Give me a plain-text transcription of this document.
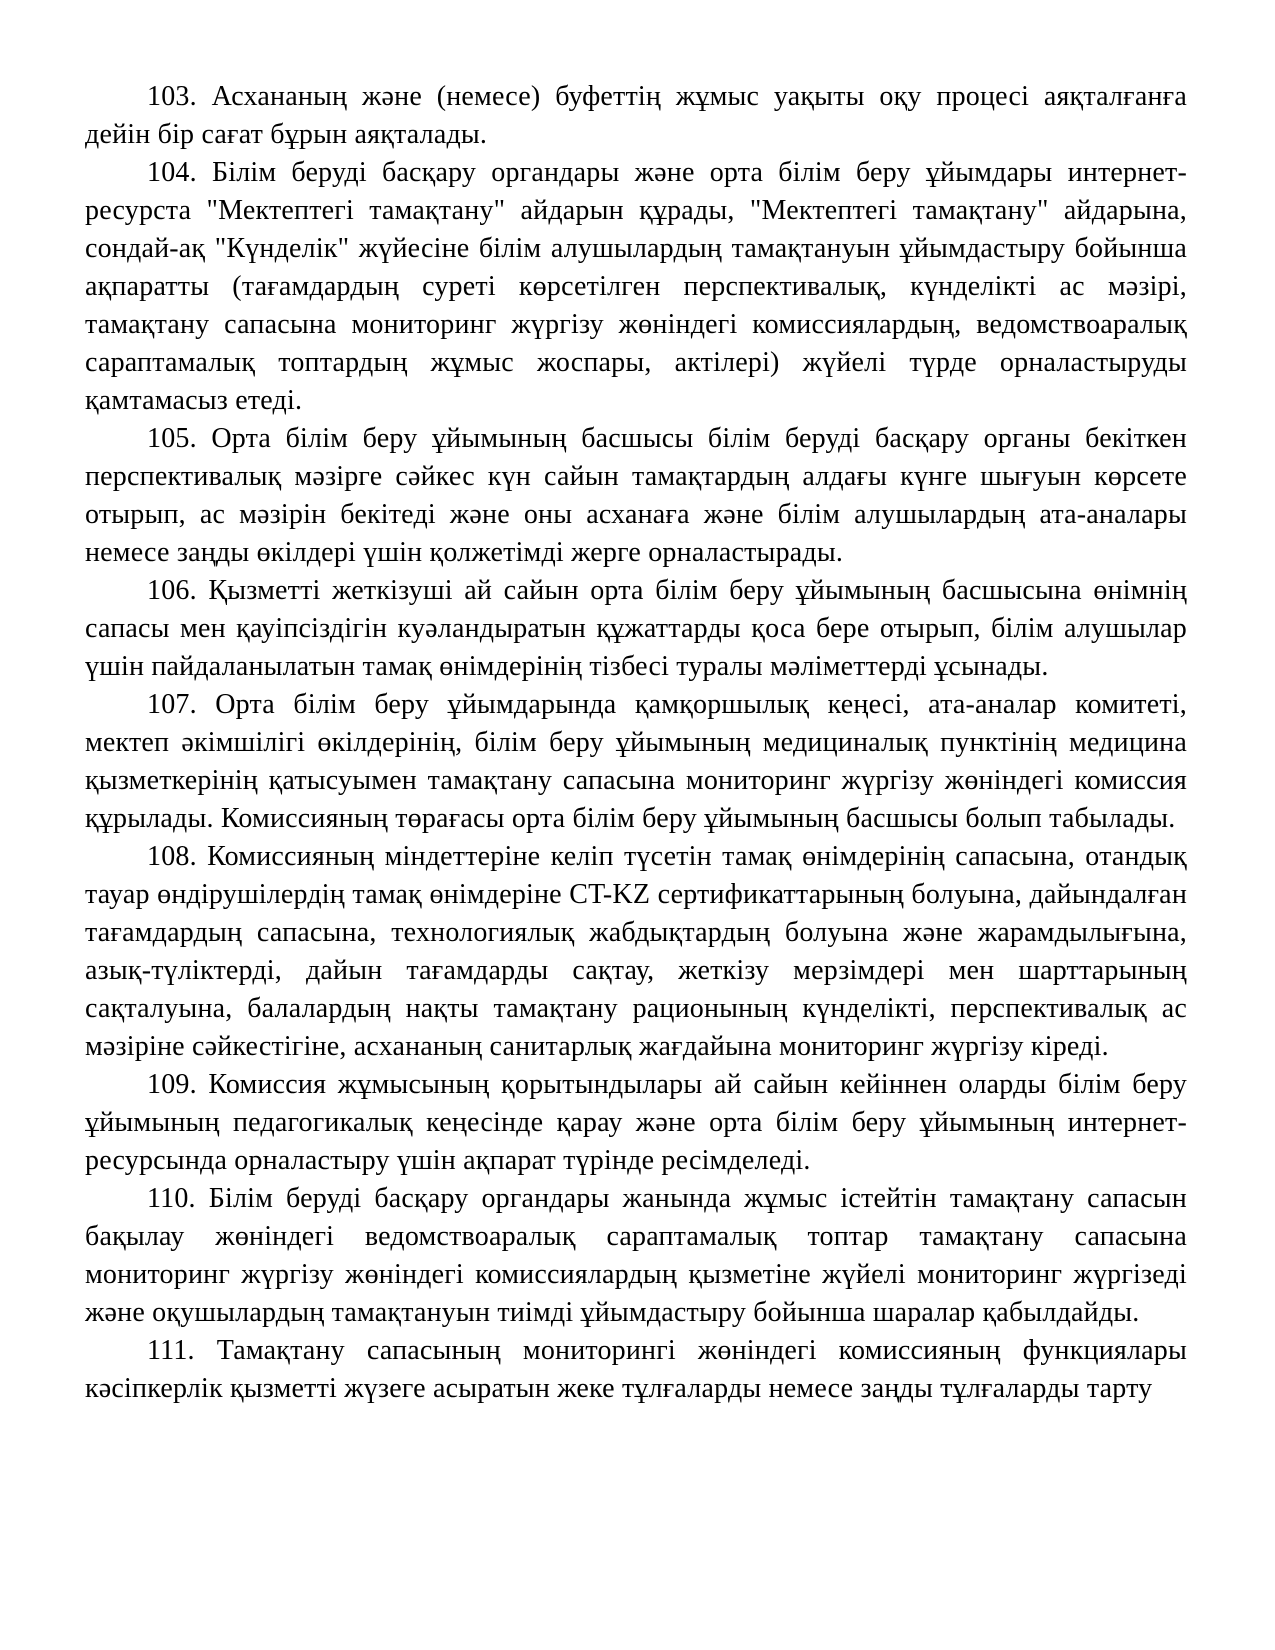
103. Асхананың және (немесе) буфеттің жұмыс уақыты оқу процесі аяқталғанға дейін бір сағат бұрын аяқталады.

104. Білім беруді басқару органдары және орта білім беру ұйымдары интернет-ресурста "Мектептегі тамақтану" айдарын құрады, "Мектептегі тамақтану" айдарына, сондай-ақ "Күнделік" жүйесіне білім алушылардың тамақтануын ұйымдастыру бойынша ақпаратты (тағамдардың суреті көрсетілген перспективалық, күнделікті ас мәзірі, тамақтану сапасына мониторинг жүргізу жөніндегі комиссиялардың, ведомствоаралық сараптамалық топтардың жұмыс жоспары, актілері) жүйелі түрде орналастыруды қамтамасыз етеді.

105. Орта білім беру ұйымының басшысы білім беруді басқару органы бекіткен перспективалық мәзірге сәйкес күн сайын тамақтардың алдағы күнге шығуын көрсете отырып, ас мәзірін бекітеді және оны асханаға және білім алушылардың ата-аналары немесе заңды өкілдері үшін қолжетімді жерге орналастырады.

106. Қызметті жеткізуші ай сайын орта білім беру ұйымының басшысына өнімнің сапасы мен қауіпсіздігін куәландыратын құжаттарды қоса бере отырып, білім алушылар үшін пайдаланылатын тамақ өнімдерінің тізбесі туралы мәліметтерді ұсынады.

107. Орта білім беру ұйымдарында қамқоршылық кеңесі, ата-аналар комитеті, мектеп әкімшілігі өкілдерінің, білім беру ұйымының медициналық пунктінің медицина қызметкерінің қатысуымен тамақтану сапасына мониторинг жүргізу жөніндегі комиссия құрылады. Комиссияның төрағасы орта білім беру ұйымының басшысы болып табылады.

108. Комиссияның міндеттеріне келіп түсетін тамақ өнімдерінің сапасына, отандық тауар өндірушілердің тамақ өнімдеріне CT-KZ сертификаттарының болуына, дайындалған тағамдардың сапасына, технологиялық жабдықтардың болуына және жарамдылығына, азық-түліктерді, дайын тағамдарды сақтау, жеткізу мерзімдері мен шарттарының сақталуына, балалардың нақты тамақтану рационының күнделікті, перспективалық ас мәзіріне сәйкестігіне, асхананың санитарлық жағдайына мониторинг жүргізу кіреді.

109. Комиссия жұмысының қорытындылары ай сайын кейіннен оларды білім беру ұйымының педагогикалық кеңесінде қарау және орта білім беру ұйымының интернет-ресурсында орналастыру үшін ақпарат түрінде ресімделеді.

110. Білім беруді басқару органдары жанында жұмыс істейтін тамақтану сапасын бақылау жөніндегі ведомствоаралық сараптамалық топтар тамақтану сапасына мониторинг жүргізу жөніндегі комиссиялардың қызметіне жүйелі мониторинг жүргізеді және оқушылардың тамақтануын тиімді ұйымдастыру бойынша шаралар қабылдайды.

111. Тамақтану сапасының мониторингі жөніндегі комиссияның функциялары кәсіпкерлік қызметті жүзеге асыратын жеке тұлғаларды немесе заңды тұлғаларды тарту
